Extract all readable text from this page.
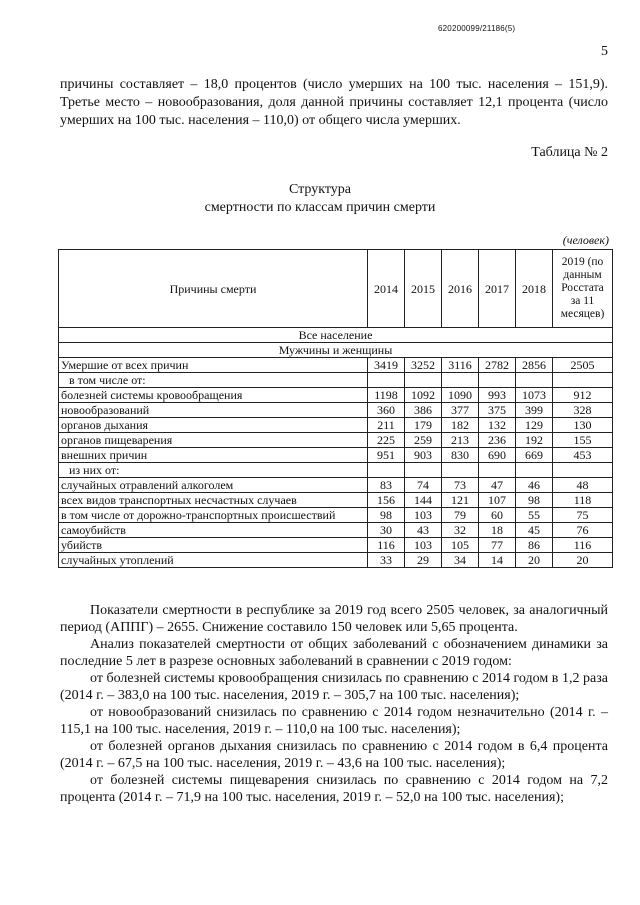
620200099/21186(5)
5

причины составляет – 18,0 процентов (число умерших на 100 тыс. населения – 151,9). Третье место – новообразования, доля данной причины составляет 12,1 процента (число умерших на 100 тыс. населения – 110,0) от общего числа умерших.

Таблица № 2

Структура

смертности по классам причин смерти

(человек)
Причины смерти	2014	2015	2016	2017	2018	2019 (по данным Росстата за 11 месяцев)
Все население						
Мужчины и женщины						
Умершие от всех причин	3419	3252	3116	2782	2856	2505
в том числе от:						
болезней системы кровообращения	1198	1092	1090	993	1073	912
новообразований	360	386	377	375	399	328
органов дыхания	211	179	182	132	129	130
органов пищеварения	225	259	213	236	192	155
внешних причин	951	903	830	690	669	453
из них от:						
случайных отравлений алкоголем	83	74	73	47	46	48
всех видов транспортных несчастных случаев	156	144	121	107	98	118
в том числе от дорожно-транспортных происшествий	98	103	79	60	55	75
самоубийств	30	43	32	18	45	76
убийств	116	103	105	77	86	116
случайных утоплений	33	29	34	14	20	20

Показатели смертности в республике за 2019 год всего 2505 человек, за аналогичный период (АППГ) – 2655. Снижение составило 150 человек или 5,65 процента.

Анализ показателей смертности от общих заболеваний с обозначением динамики за последние 5 лет в разрезе основных заболеваний в сравнении с 2019 годом:

от болезней системы кровообращения снизилась по сравнению с 2014 годом в 1,2 раза (2014 г. – 383,0 на 100 тыс. населения, 2019 г. – 305,7 на 100 тыс. населения);

от новообразований снизилась по сравнению с 2014 годом незначительно (2014 г. – 115,1 на 100 тыс. населения, 2019 г. – 110,0 на 100 тыс. населения);

от болезней органов дыхания снизилась по сравнению с 2014 годом в 6,4 процента (2014 г. – 67,5 на 100 тыс. населения, 2019 г. – 43,6 на 100 тыс. населения);

от болезней системы пищеварения снизилась по сравнению с 2014 годом на 7,2 процента (2014 г. – 71,9 на 100 тыс. населения, 2019 г. – 52,0 на 100 тыс. населения);
